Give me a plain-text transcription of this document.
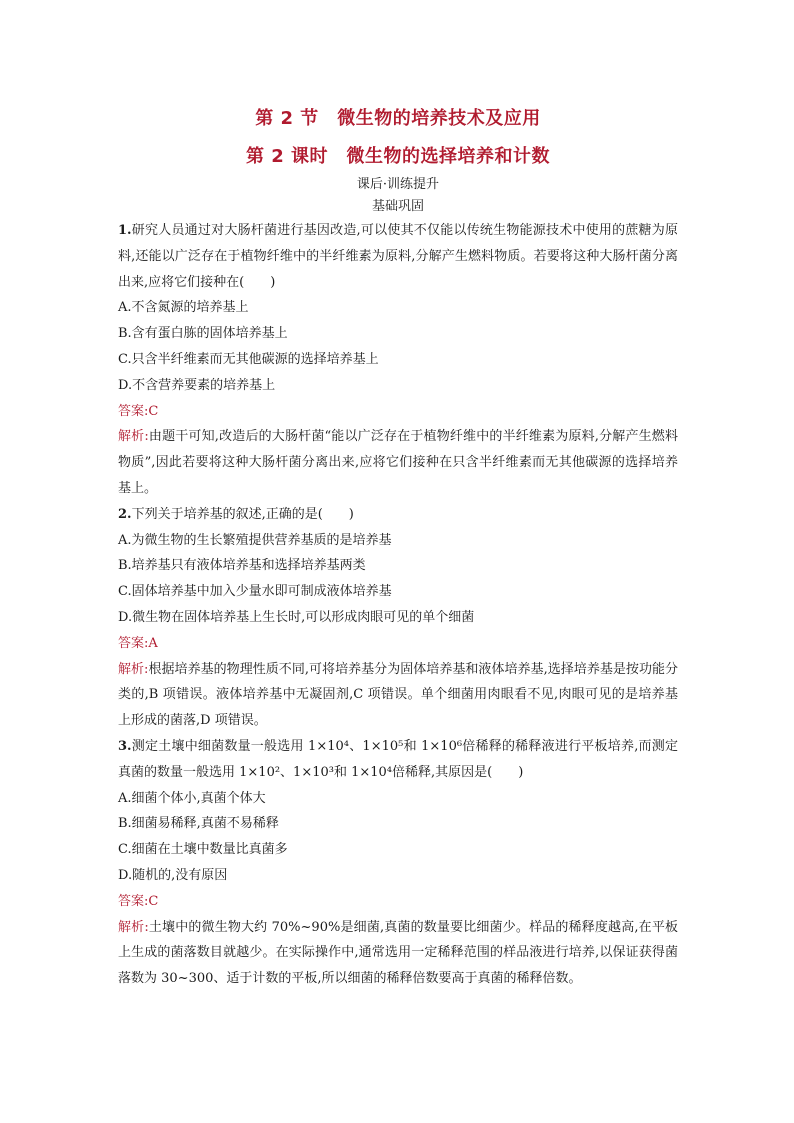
第 2 节　微生物的培养技术及应用
第 2 课时　微生物的选择培养和计数
课后·训练提升
基础巩固
1.研究人员通过对大肠杆菌进行基因改造,可以使其不仅能以传统生物能源技术中使用的蔗糖为原料,还能以广泛存在于植物纤维中的半纤维素为原料,分解产生燃料物质。若要将这种大肠杆菌分离出来,应将它们接种在(　　)
A.不含氮源的培养基上
B.含有蛋白胨的固体培养基上
C.只含半纤维素而无其他碳源的选择培养基上
D.不含营养要素的培养基上
答案:C
解析:由题干可知,改造后的大肠杆菌“能以广泛存在于植物纤维中的半纤维素为原料,分解产生燃料物质”,因此若要将这种大肠杆菌分离出来,应将它们接种在只含半纤维素而无其他碳源的选择培养基上。
2.下列关于培养基的叙述,正确的是(　　)
A.为微生物的生长繁殖提供营养基质的是培养基
B.培养基只有液体培养基和选择培养基两类
C.固体培养基中加入少量水即可制成液体培养基
D.微生物在固体培养基上生长时,可以形成肉眼可见的单个细菌
答案:A
解析:根据培养基的物理性质不同,可将培养基分为固体培养基和液体培养基,选择培养基是按功能分类的,B 项错误。液体培养基中无凝固剂,C 项错误。单个细菌用肉眼看不见,肉眼可见的是培养基上形成的菌落,D 项错误。
3.测定土壤中细菌数量一般选用 1×10⁴、1×10⁵和 1×10⁶倍稀释的稀释液进行平板培养,而测定真菌的数量一般选用 1×10²、1×10³和 1×10⁴倍稀释,其原因是(　　)
A.细菌个体小,真菌个体大
B.细菌易稀释,真菌不易稀释
C.细菌在土壤中数量比真菌多
D.随机的,没有原因
答案:C
解析:土壤中的微生物大约 70%~90%是细菌,真菌的数量要比细菌少。样品的稀释度越高,在平板上生成的菌落数目就越少。在实际操作中,通常选用一定稀释范围的样品液进行培养,以保证获得菌落数为 30~300、适于计数的平板,所以细菌的稀释倍数要高于真菌的稀释倍数。
